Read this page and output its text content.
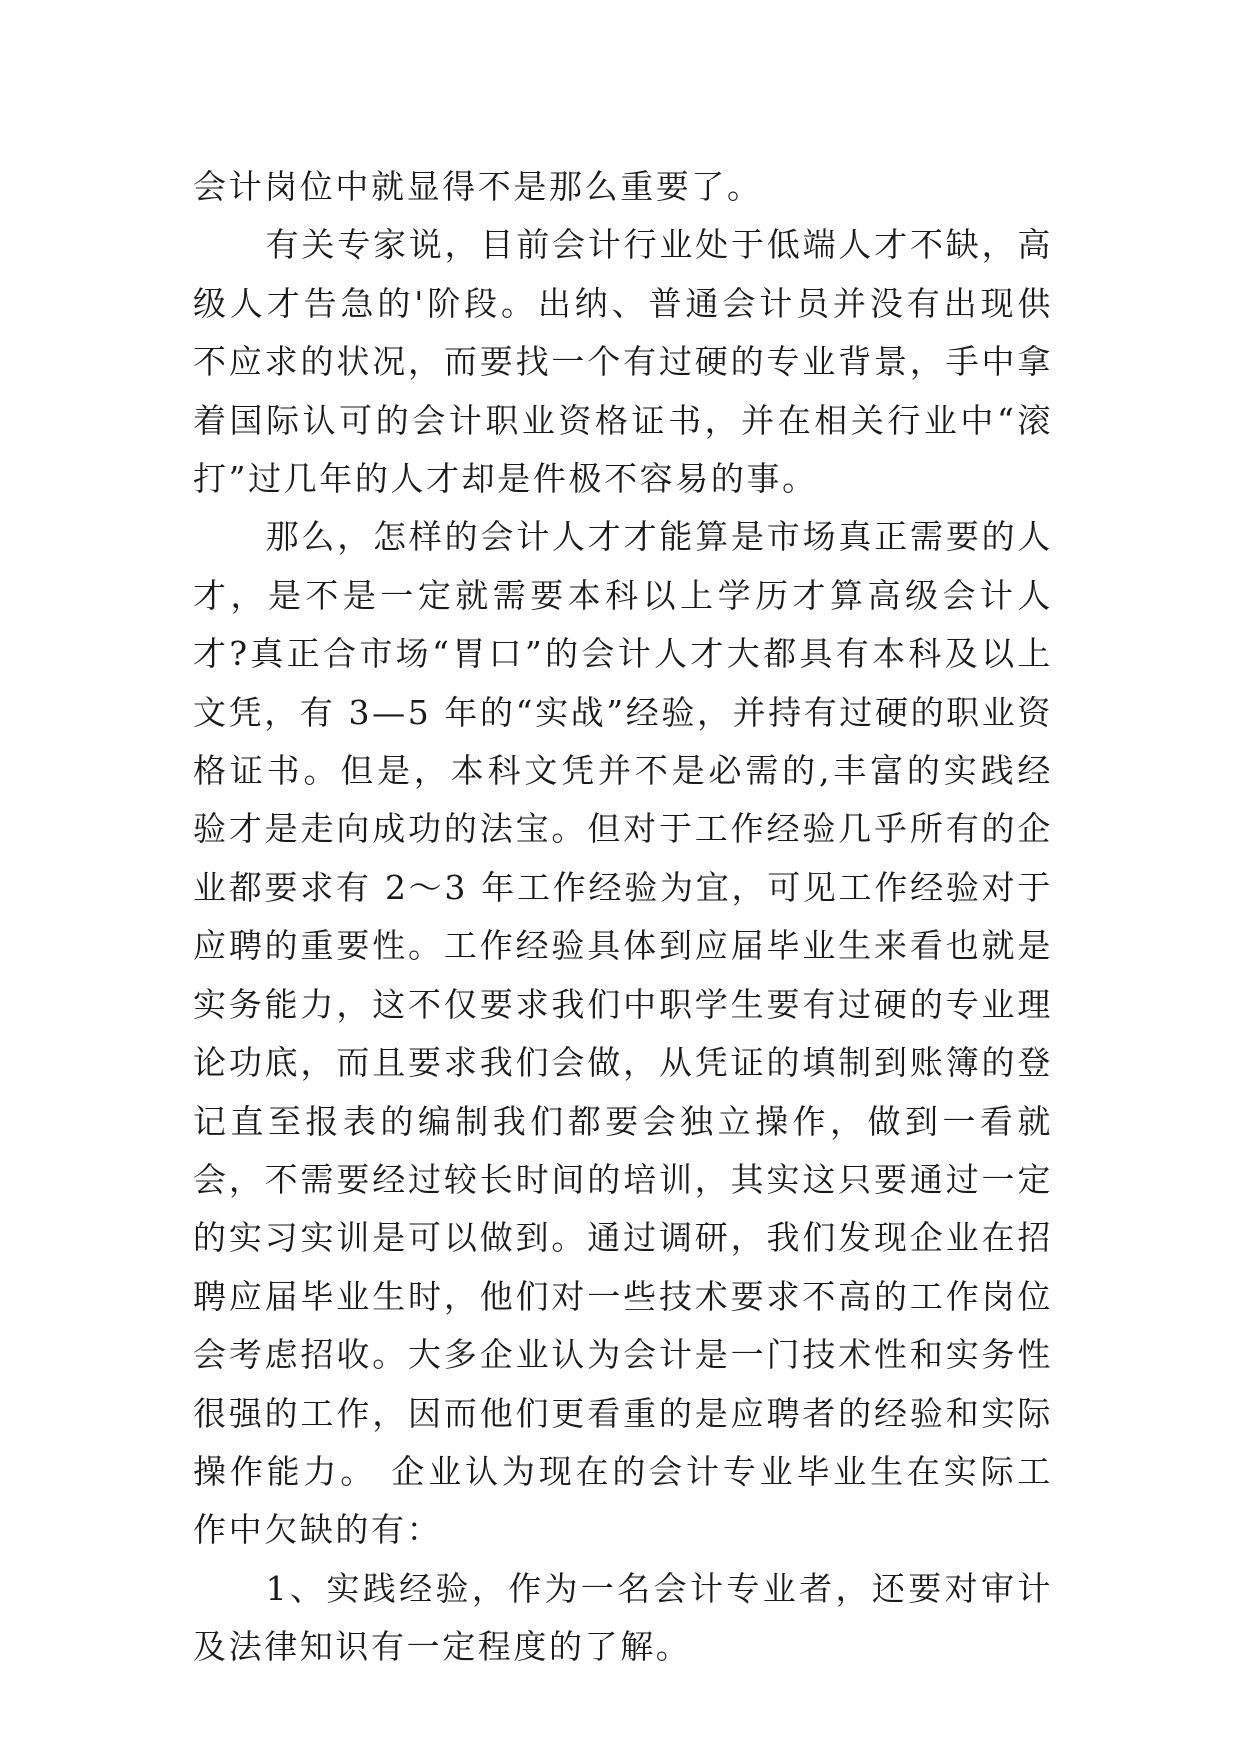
会计岗位中就显得不是那么重要了。

有关专家说，目前会计行业处于低端人才不缺，高级人才告急的'阶段。出纳、普通会计员并没有出现供不应求的状况，而要找一个有过硬的专业背景，手中拿着国际认可的会计职业资格证书，并在相关行业中“滚打”过几年的人才却是件极不容易的事。

那么，怎样的会计人才才能算是市场真正需要的人才，是不是一定就需要本科以上学历才算高级会计人才?真正合市场“胃口”的会计人才大都具有本科及以上文凭，有 3—5 年的“实战”经验，并持有过硬的职业资格证书。但是，本科文凭并不是必需的,丰富的实践经验才是走向成功的法宝。但对于工作经验几乎所有的企业都要求有 2～3 年工作经验为宜，可见工作经验对于应聘的重要性。工作经验具体到应届毕业生来看也就是实务能力，这不仅要求我们中职学生要有过硬的专业理论功底，而且要求我们会做，从凭证的填制到账簿的登记直至报表的编制我们都要会独立操作，做到一看就会，不需要经过较长时间的培训，其实这只要通过一定的实习实训是可以做到。通过调研，我们发现企业在招聘应届毕业生时，他们对一些技术要求不高的工作岗位会考虑招收。大多企业认为会计是一门技术性和实务性很强的工作，因而他们更看重的是应聘者的经验和实际操作能力。 企业认为现在的会计专业毕业生在实际工作中欠缺的有：

1、实践经验，作为一名会计专业者，还要对审计及法律知识有一定程度的了解。
